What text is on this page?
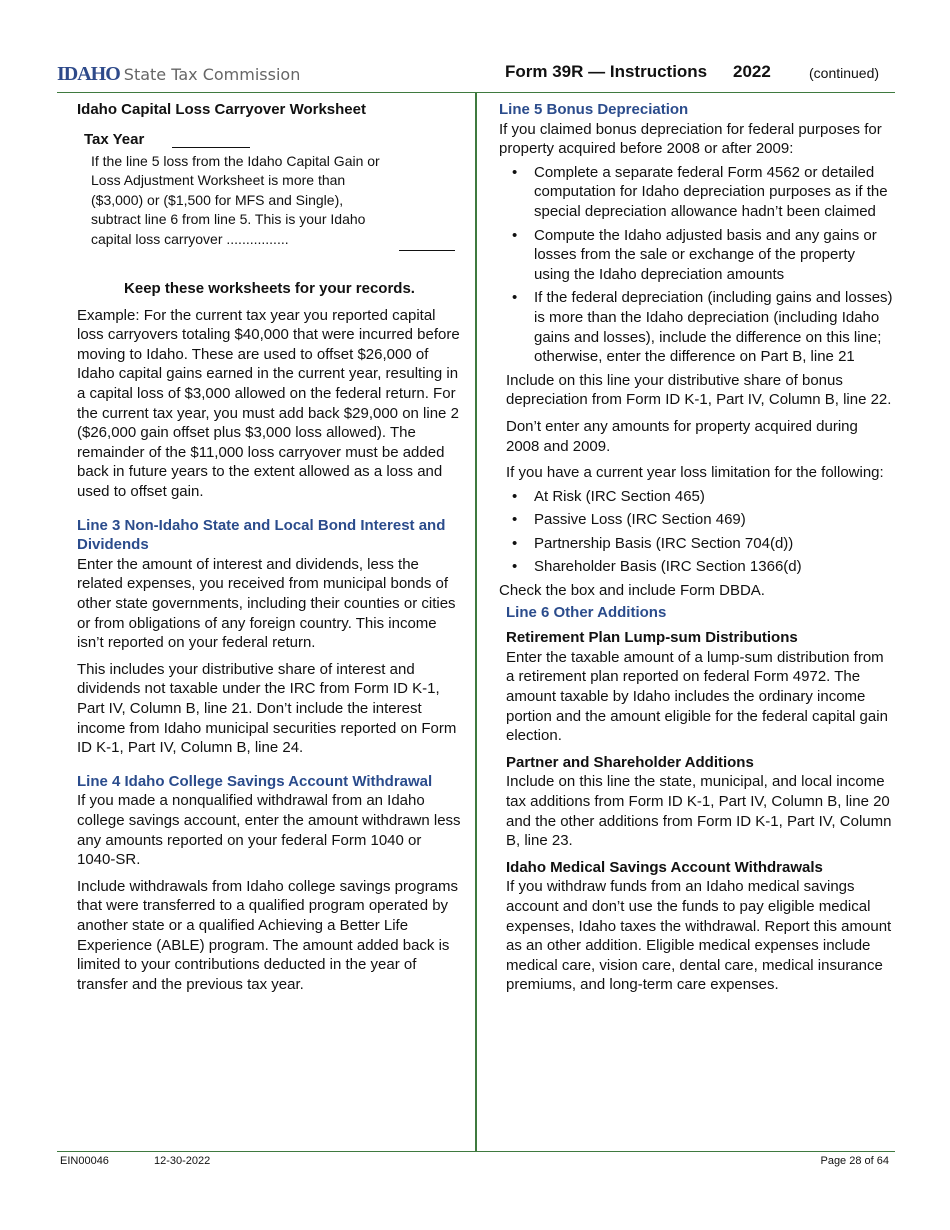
IDAHO State Tax Commission	Form 39R — Instructions 2022	(continued)

Idaho Capital Loss Carryover Worksheet

Tax Year

If the line 5 loss from the Idaho Capital Gain or Loss Adjustment Worksheet is more than ($3,000) or ($1,500 for MFS and Single), subtract line 6 from line 5. This is your Idaho capital loss carryover ................

Keep these worksheets for your records.

Example: For the current tax year you reported capital loss carryovers totaling $40,000 that were incurred before moving to Idaho. These are used to offset $26,000 of Idaho capital gains earned in the current year, resulting in a capital loss of $3,000 allowed on the federal return. For the current tax year, you must add back $29,000 on line 2 ($26,000 gain offset plus $3,000 loss allowed). The remainder of the $11,000 loss carryover must be added back in future years to the extent allowed as a loss and used to offset gain.

Line 3 Non-Idaho State and Local Bond Interest and Dividends

Enter the amount of interest and dividends, less the related expenses, you received from municipal bonds of other state governments, including their counties or cities or from obligations of any foreign country. This income isn’t reported on your federal return.

This includes your distributive share of interest and dividends not taxable under the IRC from Form ID K-1, Part IV, Column B, line 21. Don’t include the interest income from Idaho municipal securities reported on Form ID K-1, Part IV, Column B, line 24.

Line 4 Idaho College Savings Account Withdrawal

If you made a nonqualified withdrawal from an Idaho college savings account, enter the amount withdrawn less any amounts reported on your federal Form 1040 or 1040-SR.

Include withdrawals from Idaho college savings programs that were transferred to a qualified program operated by another state or a qualified Achieving a Better Life Experience (ABLE) program. The amount added back is limited to your contributions deducted in the year of transfer and the previous tax year.

Line 5 Bonus Depreciation

If you claimed bonus depreciation for federal purposes for property acquired before 2008 or after 2009:

• Complete a separate federal Form 4562 or detailed computation for Idaho depreciation purposes as if the special depreciation allowance hadn’t been claimed
• Compute the Idaho adjusted basis and any gains or losses from the sale or exchange of the property using the Idaho depreciation amounts
• If the federal depreciation (including gains and losses) is more than the Idaho depreciation (including Idaho gains and losses), include the difference on this line; otherwise, enter the difference on Part B, line 21

Include on this line your distributive share of bonus depreciation from Form ID K-1, Part IV, Column B, line 22.

Don’t enter any amounts for property acquired during 2008 and 2009.

If you have a current year loss limitation for the following:

• At Risk (IRC Section 465)
• Passive Loss (IRC Section 469)
• Partnership Basis (IRC Section 704(d))
• Shareholder Basis (IRC Section 1366(d)

Check the box and include Form DBDA.

Line 6 Other Additions

Retirement Plan Lump-sum Distributions

Enter the taxable amount of a lump-sum distribution from a retirement plan reported on federal Form 4972. The amount taxable by Idaho includes the ordinary income portion and the amount eligible for the federal capital gain election.

Partner and Shareholder Additions

Include on this line the state, municipal, and local income tax additions from Form ID K-1, Part IV, Column B, line 20 and the other additions from Form ID K-1, Part IV, Column B, line 23.

Idaho Medical Savings Account Withdrawals

If you withdraw funds from an Idaho medical savings account and don’t use the funds to pay eligible medical expenses, Idaho taxes the withdrawal. Report this amount as an other addition. Eligible medical expenses include medical care, vision care, dental care, medical insurance premiums, and long-term care expenses.

EIN00046	12-30-2022	Page 28 of 64
